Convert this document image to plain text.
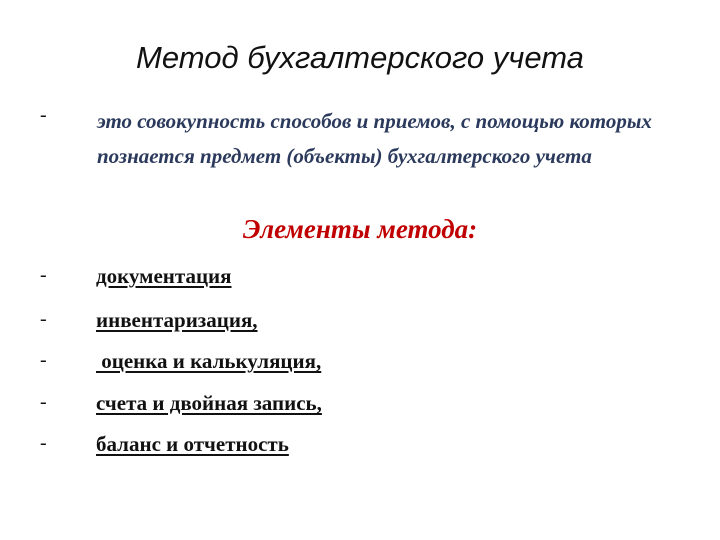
Метод бухгалтерского учета
- это совокупность способов и приемов, с помощью которых познается предмет (объекты) бухгалтерского учета

Элементы метода:
- документация

- инвентаризация,

- оценка и калькуляция,

- счета и двойная запись,

- баланс и отчетность
